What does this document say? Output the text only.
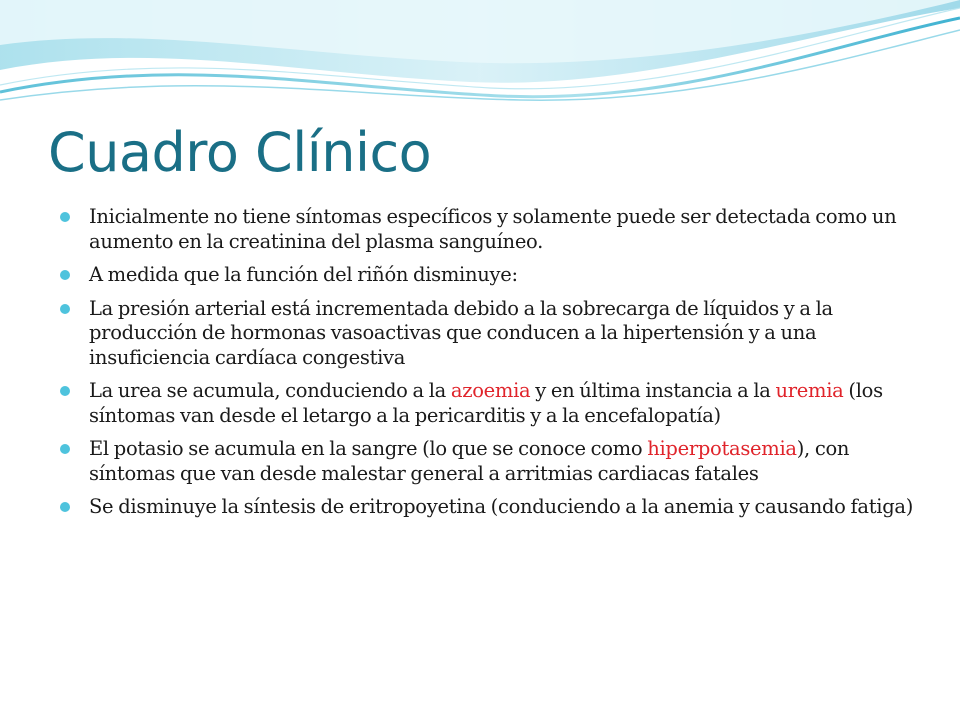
Cuadro Clínico
Inicialmente no tiene síntomas específicos y solamente puede ser detectada como un aumento en la creatinina del plasma sanguíneo.
A medida que la función del riñón disminuye:
La presión arterial está incrementada debido a la sobrecarga de líquidos y a la producción de hormonas vasoactivas que conducen a la hipertensión y a una insuficiencia cardíaca congestiva
La urea se acumula, conduciendo a la azoemia y en última instancia a la uremia (los síntomas van desde el letargo a la pericarditis y a la encefalopatía)
El potasio se acumula en la sangre (lo que se conoce como hiperpotasemia), con síntomas que van desde malestar general a arritmias cardiacas fatales
Se disminuye la síntesis de eritropoyetina (conduciendo a la anemia y causando fatiga)
